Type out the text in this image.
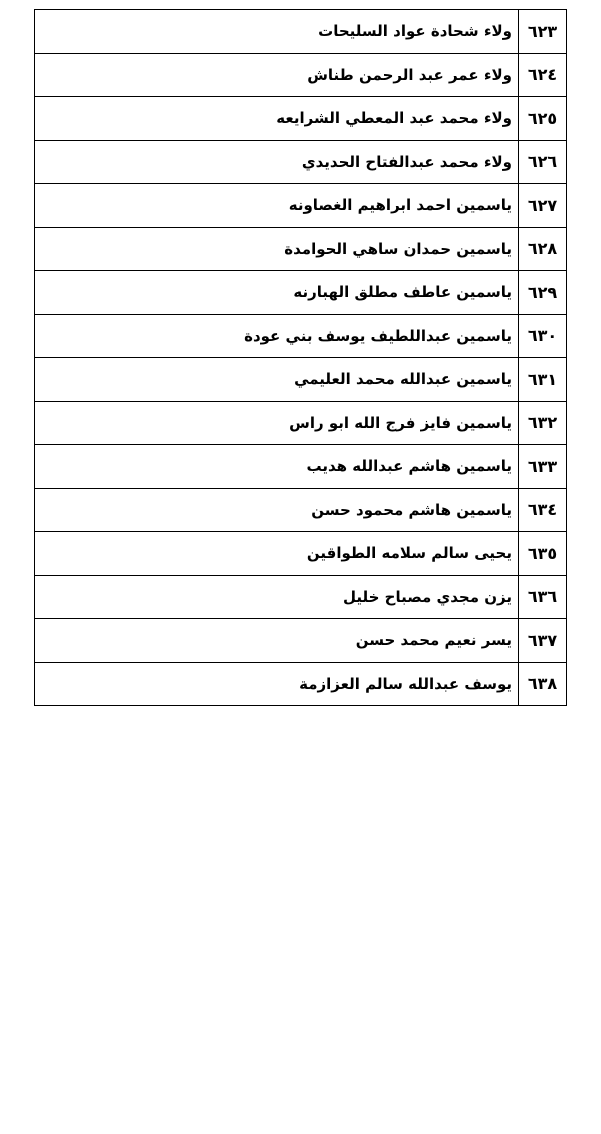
٦٢٣	ولاء شحادة عواد السليحات
٦٢٤	ولاء عمر عبد الرحمن طناش
٦٢٥	ولاء محمد عبد المعطي الشرايعه
٦٢٦	ولاء محمد عبدالفتاح الحديدي
٦٢٧	ياسمين احمد ابراهيم الغصاونه
٦٢٨	ياسمين حمدان ساهي الحوامدة
٦٢٩	ياسمين عاطف مطلق الهبارنه
٦٣٠	ياسمين عبداللطيف يوسف بني عودة
٦٣١	ياسمين عبدالله محمد العليمي
٦٣٢	ياسمين فايز فرج الله ابو راس
٦٣٣	ياسمين هاشم عبدالله هديب
٦٣٤	ياسمين هاشم محمود حسن
٦٣٥	يحيى سالم سلامه الطواقين
٦٣٦	يزن مجدي مصباح خليل
٦٣٧	يسر نعيم محمد حسن
٦٣٨	يوسف عبدالله سالم العزازمة
